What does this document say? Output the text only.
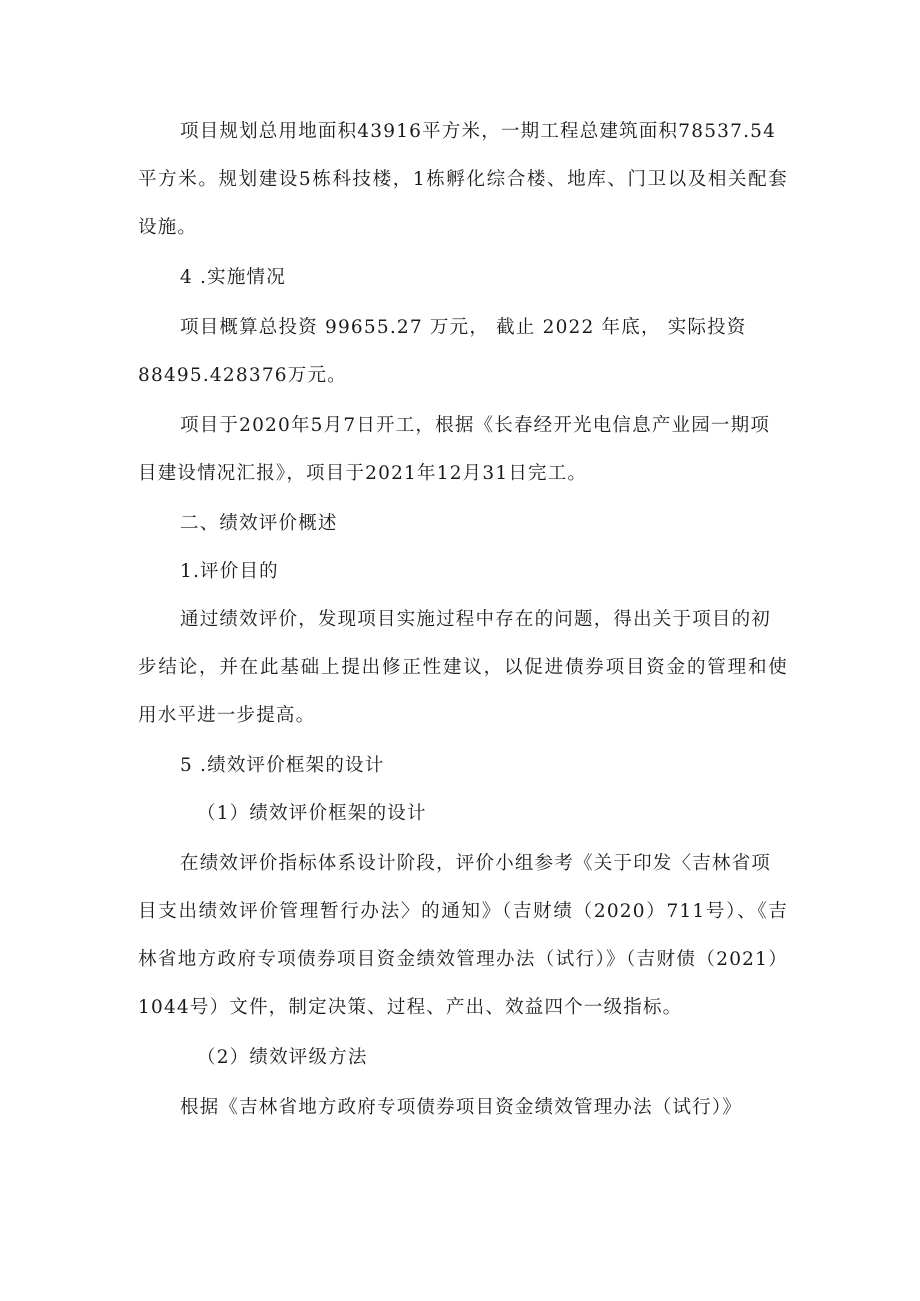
项目规划总用地面积43916平方米，一期工程总建筑面积78537.54
平方米。规划建设5栋科技楼，1栋孵化综合楼、地库、门卫以及相关配套
设施。
4 .实施情况
项目概算总投资 99655.27 万元， 截止 2022 年底， 实际投资
88495.428376万元。
项目于2020年5月7日开工，根据《长春经开光电信息产业园一期项
目建设情况汇报》，项目于2021年12月31日完工。
二、绩效评价概述
1.评价目的
通过绩效评价，发现项目实施过程中存在的问题，得出关于项目的初
步结论，并在此基础上提出修正性建议，以促进债券项目资金的管理和使
用水平进一步提高。
5 .绩效评价框架的设计
（1）绩效评价框架的设计
在绩效评价指标体系设计阶段，评价小组参考《关于印发〈吉林省项
目支出绩效评价管理暂行办法〉的通知》（吉财绩（2020）711号）、《吉
林省地方政府专项债券项目资金绩效管理办法（试行）》（吉财债（2021）
1044号）文件，制定决策、过程、产出、效益四个一级指标。
（2）绩效评级方法
根据《吉林省地方政府专项债券项目资金绩效管理办法（试行）》
